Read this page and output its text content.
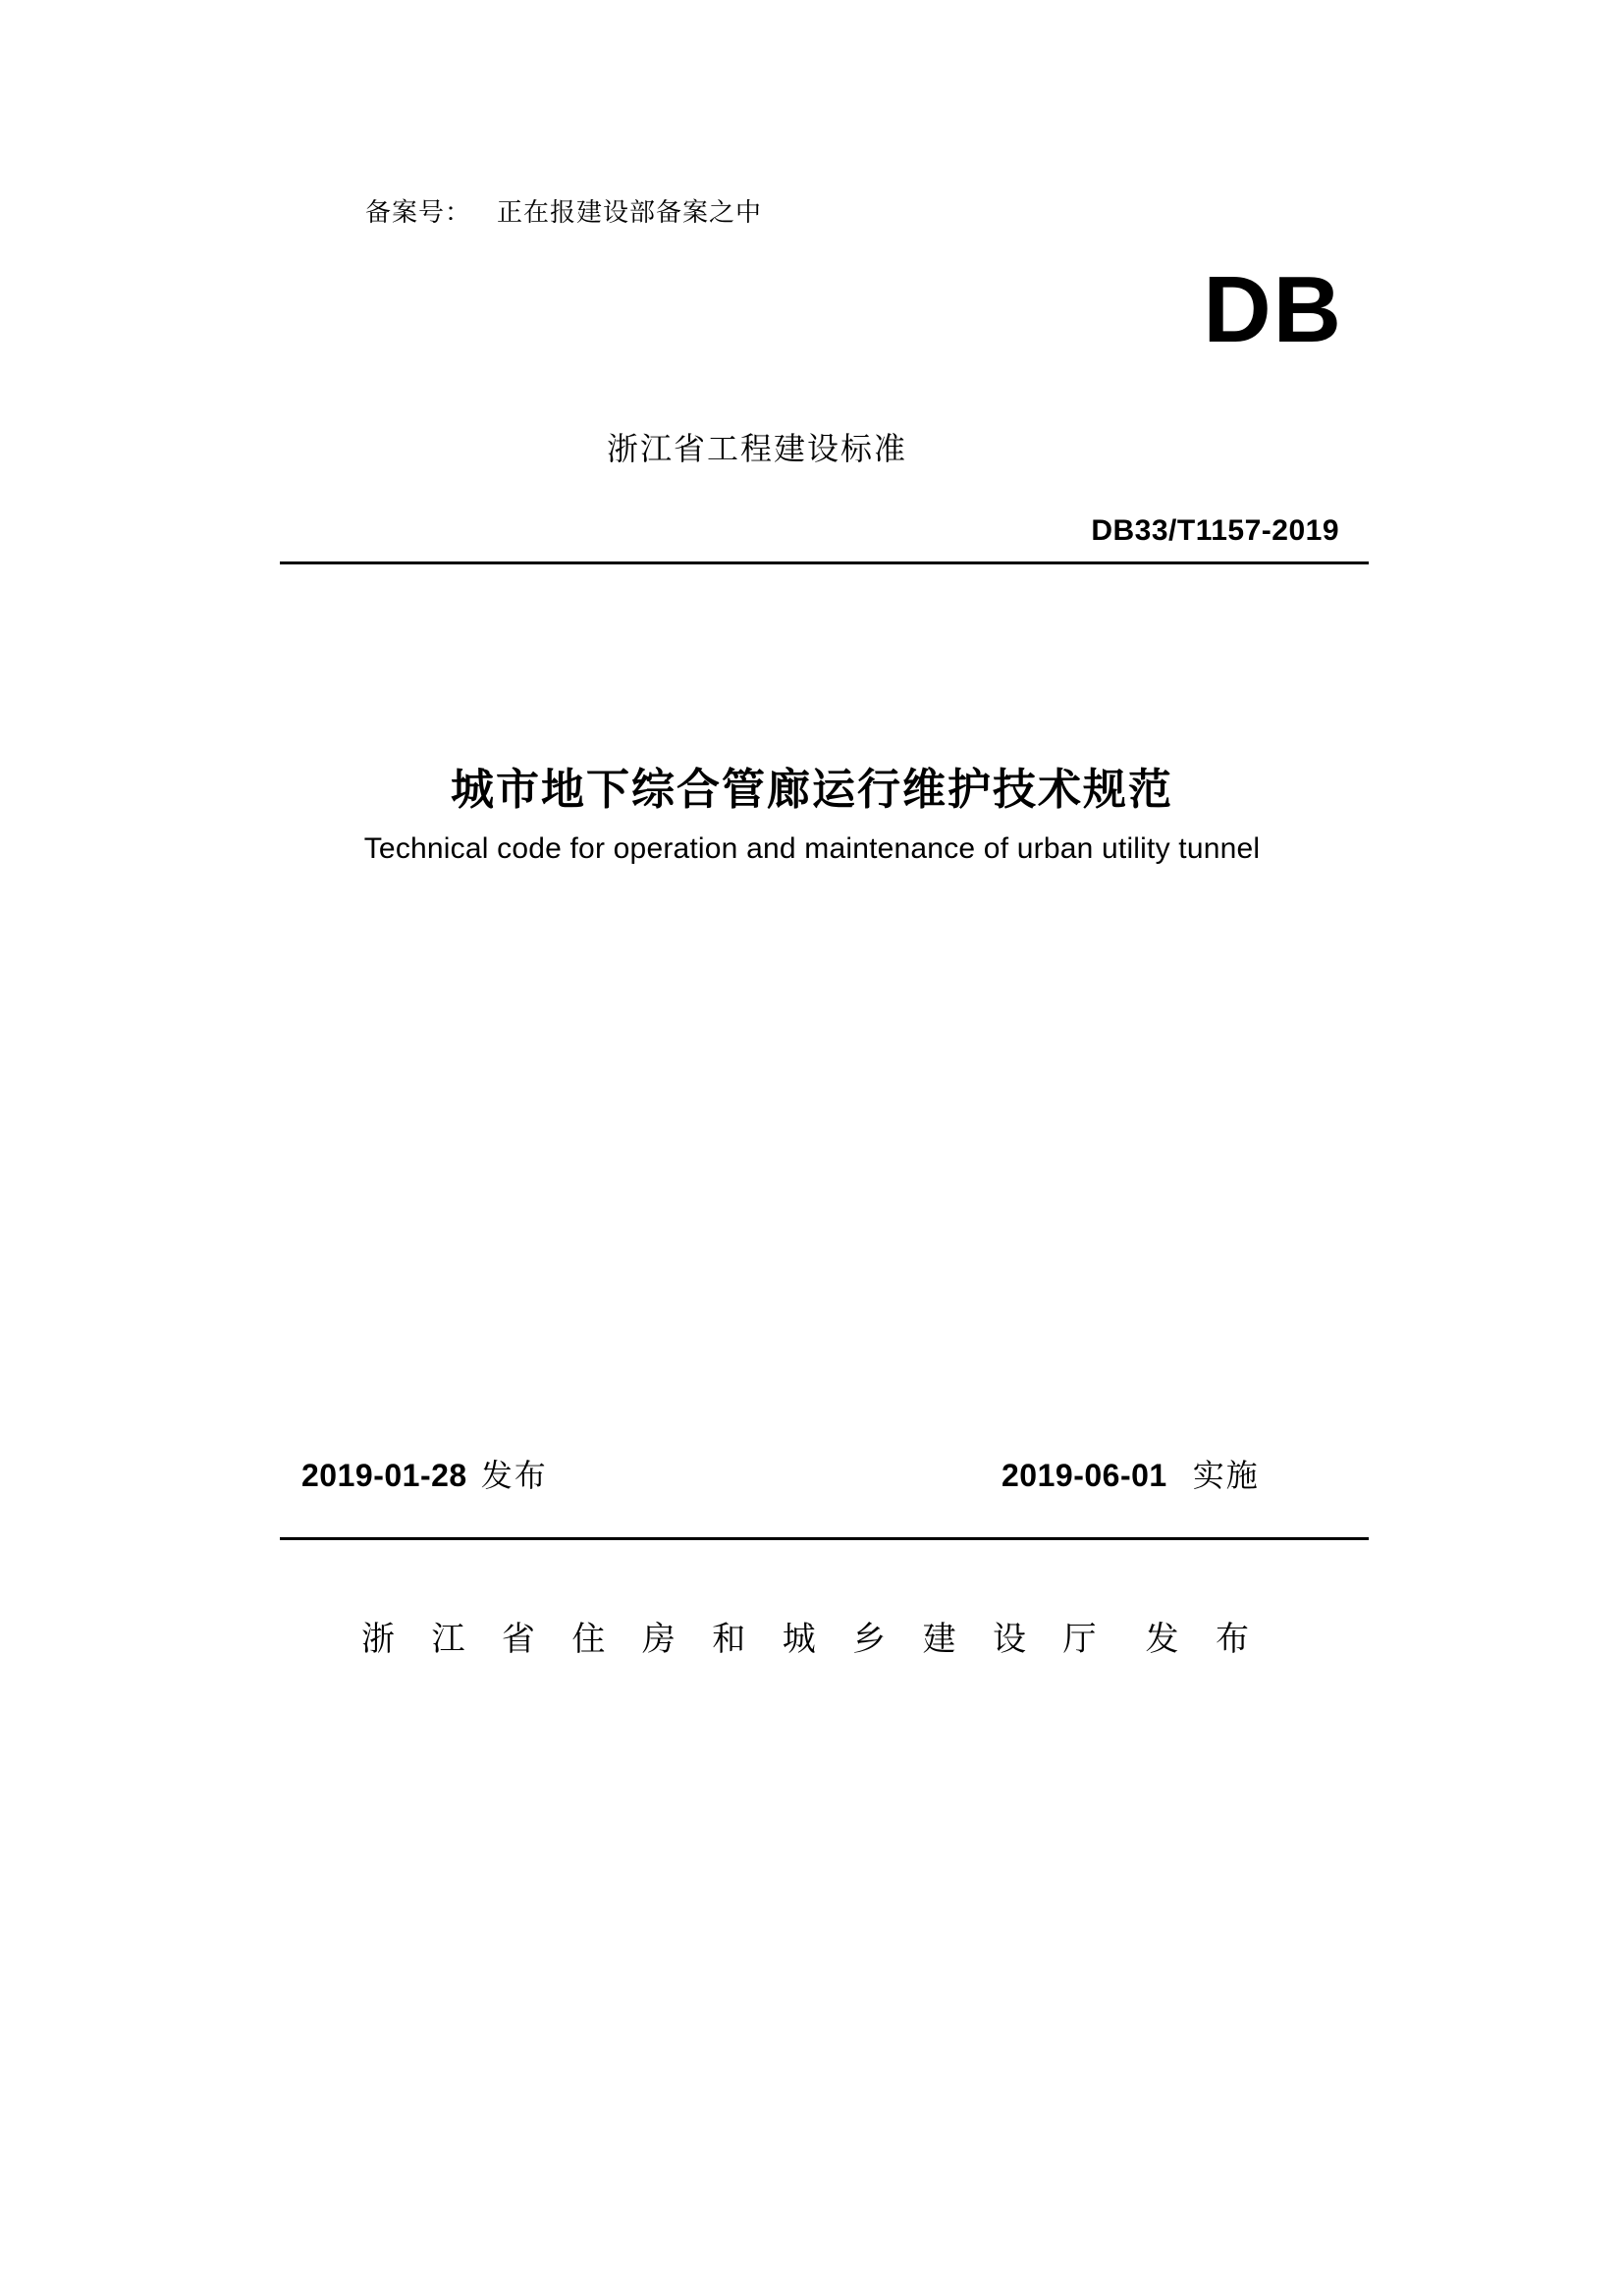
备案号： 正在报建设部备案之中
DB
浙江省工程建设标准
DB33/T1157-2019
城市地下综合管廊运行维护技术规范
Technical code for operation and maintenance of urban utility tunnel
2019-01-28 发布	2019-06-01 实施
浙 江 省 住 房 和 城 乡 建 设 厅 发 布
